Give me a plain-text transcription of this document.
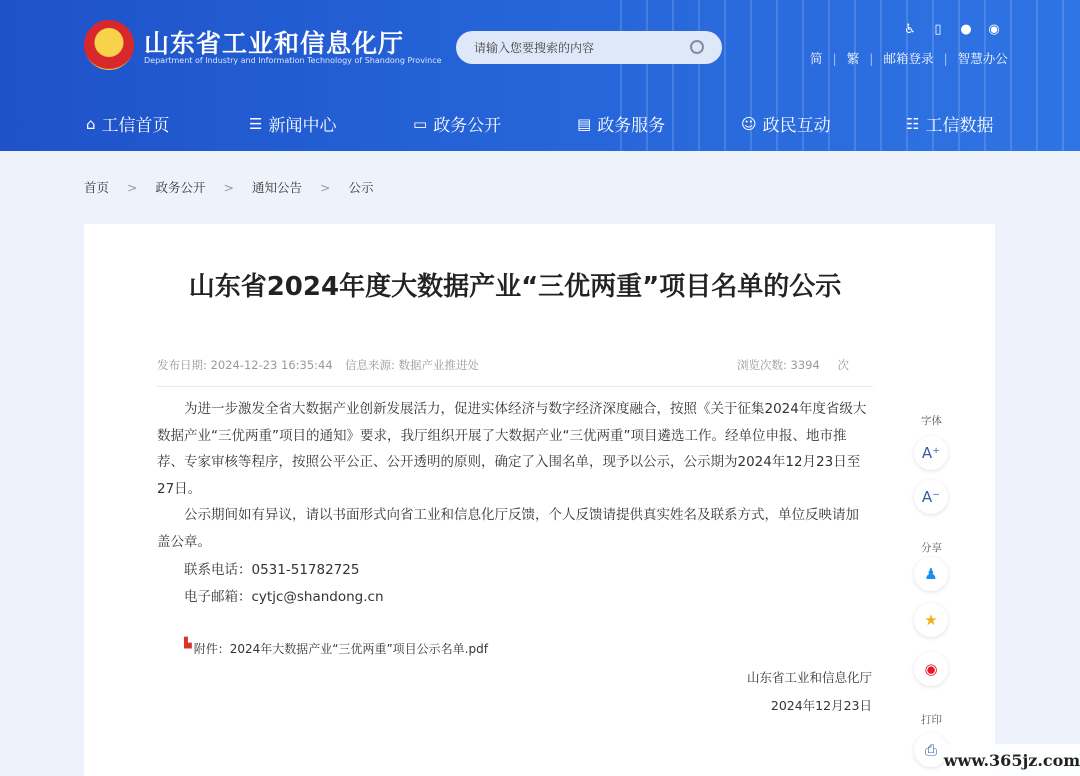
★ 山东省工业和信息化厅
Department of Industry and Information Technology of Shandong Province
请输入您要搜索的内容
♿	▯	● ◉
简 | 繁 | 邮箱登录 | 智慧办公
⌂ 工信首页	☰ 新闻中心	▭ 政务公开	▤ 政务服务	☺ 政民互动	☷ 工信数据
首页 > 政务公开 > 通知公告 > 公示
山东省2024年度大数据产业“三优两重”项目名单的公示
发布日期: 2024-12-23 16:35:44 信息来源: 数据产业推进处	浏览次数: 3394 次

为进一步激发全省大数据产业创新发展活力，促进实体经济与数字经济深度融合，按照《关于征集2024年度省级大数据产业“三优两重”项目的通知》要求，我厅组织开展了大数据产业“三优两重”项目遴选工作。经单位申报、地市推荐、专家审核等程序，按照公平公正、公开透明的原则，确定了入围名单，现予以公示，公示期为2024年12月23日至27日。

公示期间如有异议，请以书面形式向省工业和信息化厅反馈，个人反馈请提供真实姓名及联系方式，单位反映请加盖公章。

联系电话：0531-51782725
电子邮箱：cytjc@shandong.cn
▙ 附件：2024年大数据产业“三优两重”项目公示名单.pdf
山东省工业和信息化厅
2024年12月23日
字体
A⁺
A⁻
分享
♟
★
◉
打印
⎙
www.365jz.com
